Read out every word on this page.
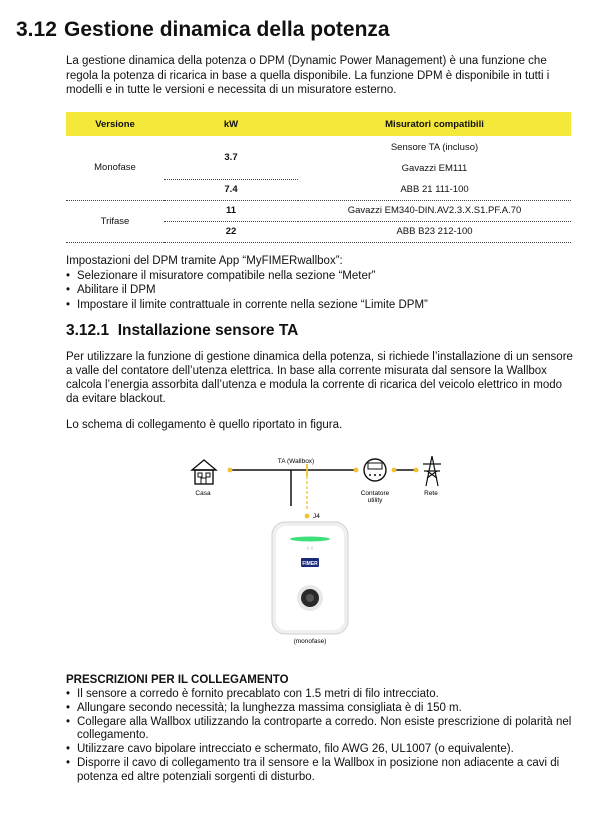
3.12 Gestione dinamica della potenza

La gestione dinamica della potenza o DPM (Dynamic Power Management) è una funzione che regola la potenza di ricarica in base a quella disponibile. La funzione DPM è disponibile in tutti i modelli e in tutte le versioni e necessita di un misuratore esterno.

Versione	kW	Misuratori compatibili
Monofase	3.7	Sensore TA (incluso)
		Gavazzi EM111
	7.4	ABB 21 111-100
Trifase	11	Gavazzi EM340-DIN.AV2.3.X.S1.PF.A.70
	22	ABB B23 212-100
Impostazioni del DPM tramite App “MyFIMERwallbox”:
• Selezionare il misuratore compatibile nella sezione “Meter”
• Abilitare il DPM
• Impostare il limite contrattuale in corrente nella sezione “Limite DPM”
3.12.1 Installazione sensore TA

Per utilizzare la funzione di gestione dinamica della potenza, si richiede l’installazione di un sensore a valle del contatore dell’utenza elettrica. In base alla corrente misurata dal sensore la Wallbox calcola l’energia assorbita dall’utenza e modula la corrente di ricarica del veicolo elettrico in modo da evitare blackout.

Lo schema di collegamento è quello riportato in figura.

Casa
TA (Wallbox)
J4
Contatore
utility
Rete
((·))
FIMER
(monofase)
PRESCRIZIONI PER IL COLLEGAMENTO
• Il sensore a corredo è fornito precablato con 1.5 metri di filo intrecciato.
• Allungare secondo necessità; la lunghezza massima consigliata è di 150 m.
• Collegare alla Wallbox utilizzando la controparte a corredo. Non esiste prescrizione di polarità nel collegamento.
• Utilizzare cavo bipolare intrecciato e schermato, filo AWG 26, UL1007 (o equivalente).
• Disporre il cavo di collegamento tra il sensore e la Wallbox in posizione non adiacente a cavi di potenza ed altre potenziali sorgenti di disturbo.
